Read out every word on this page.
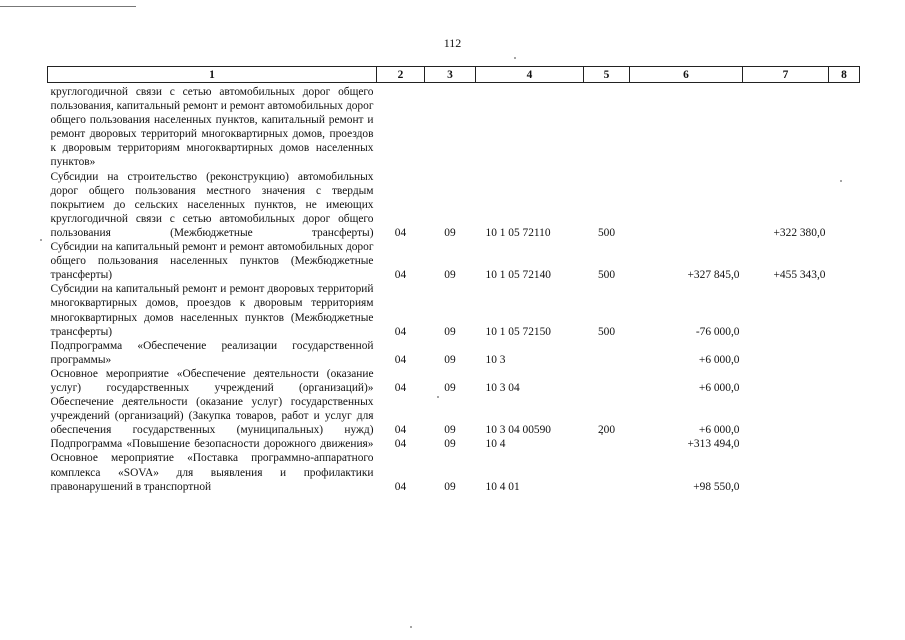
112
1	2	3	4	5	6	7	8
круглогодичной связи с сетью автомобильных дорог общего пользования, капитальный ремонт и ремонт автомобильных дорог общего пользования населенных пунктов, капитальный ремонт и ремонт дворовых территорий многоквартирных домов, проездов к дворовым территориям многоквартирных домов населенных пунктов»							
Субсидии на строительство (реконструкцию) автомобильных дорог общего пользования местного значения с твердым покрытием до сельских населенных пунктов, не имеющих круглогодичной связи с сетью автомобильных дорог общего пользования (Межбюджетные трансферты)	04	09	10 1 05 72110	500		+322 380,0	
Субсидии на капитальный ремонт и ремонт автомобильных дорог общего пользования населенных пунктов (Межбюджетные трансферты)	04	09	10 1 05 72140	500	+327 845,0	+455 343,0	
Субсидии на капитальный ремонт и ремонт дворовых территорий многоквартирных домов, проездов к дворовым территориям многоквартирных домов населенных пунктов (Межбюджетные трансферты)	04	09	10 1 05 72150	500	-76 000,0		
Подпрограмма «Обеспечение реализации государственной программы»	04	09	10 3		+6 000,0		
Основное мероприятие «Обеспечение деятельности (оказание услуг) государственных учреждений (организаций)»	04	09	10 3 04		+6 000,0		
Обеспечение деятельности (оказание услуг) государственных учреждений (организаций) (Закупка товаров, работ и услуг для обеспечения государственных (муниципальных) нужд)	04	09	10 3 04 00590	200	+6 000,0		
Подпрограмма «Повышение безопасности дорожного движения»	04	09	10 4		+313 494,0		
Основное мероприятие «Поставка программно-аппаратного комплекса «SOVA» для выявления и профилактики правонарушений в транспортной	04	09	10 4 01		+98 550,0		
